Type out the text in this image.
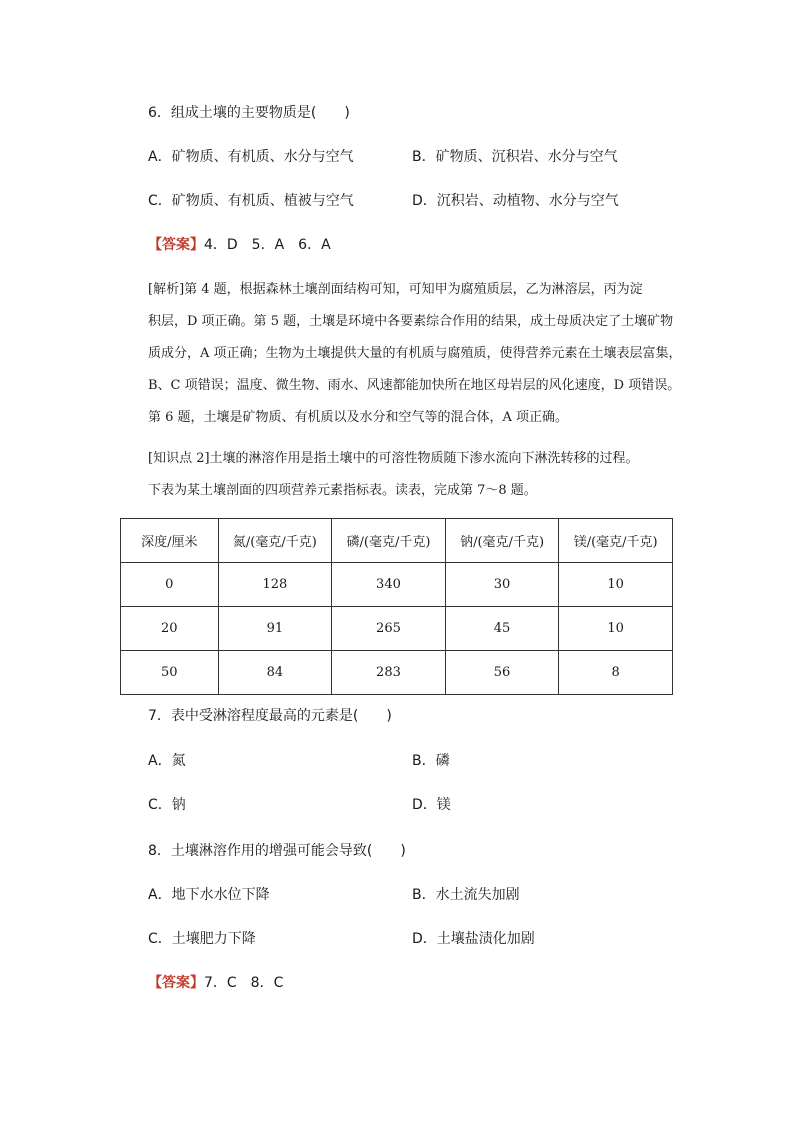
6．组成土壤的主要物质是(　　)
A．矿物质、有机质、水分与空气	B．矿物质、沉积岩、水分与空气
C．矿物质、有机质、植被与空气	D．沉积岩、动植物、水分与空气
【答案】4．D　5．A　6．A

[解析]第 4 题，根据森林土壤剖面结构可知，可知甲为腐殖质层，乙为淋溶层，丙为淀

积层，D 项正确。第 5 题，土壤是环境中各要素综合作用的结果，成土母质决定了土壤矿物

质成分，A 项正确；生物为土壤提供大量的有机质与腐殖质，使得营养元素在土壤表层富集，

B、C 项错误；温度、微生物、雨水、风速都能加快所在地区母岩层的风化速度，D 项错误。

第 6 题，土壤是矿物质、有机质以及水分和空气等的混合体，A 项正确。

[知识点 2]土壤的淋溶作用是指土壤中的可溶性物质随下渗水流向下淋洗转移的过程。

下表为某土壤剖面的四项营养元素指标表。读表，完成第 7～8 题。

深度/厘米	氮/(毫克/千克)	磷/(毫克/千克)	钠/(毫克/千克)	镁/(毫克/千克)
0	128	340	30	10
20	91	265	45	10
50	84	283	56	8
7．表中受淋溶程度最高的元素是(　　)
A．氮	B．磷
C．钠	D．镁
8．土壤淋溶作用的增强可能会导致(　　)
A．地下水水位下降	B．水土流失加剧
C．土壤肥力下降	D．土壤盐渍化加剧
【答案】7．C　8．C
